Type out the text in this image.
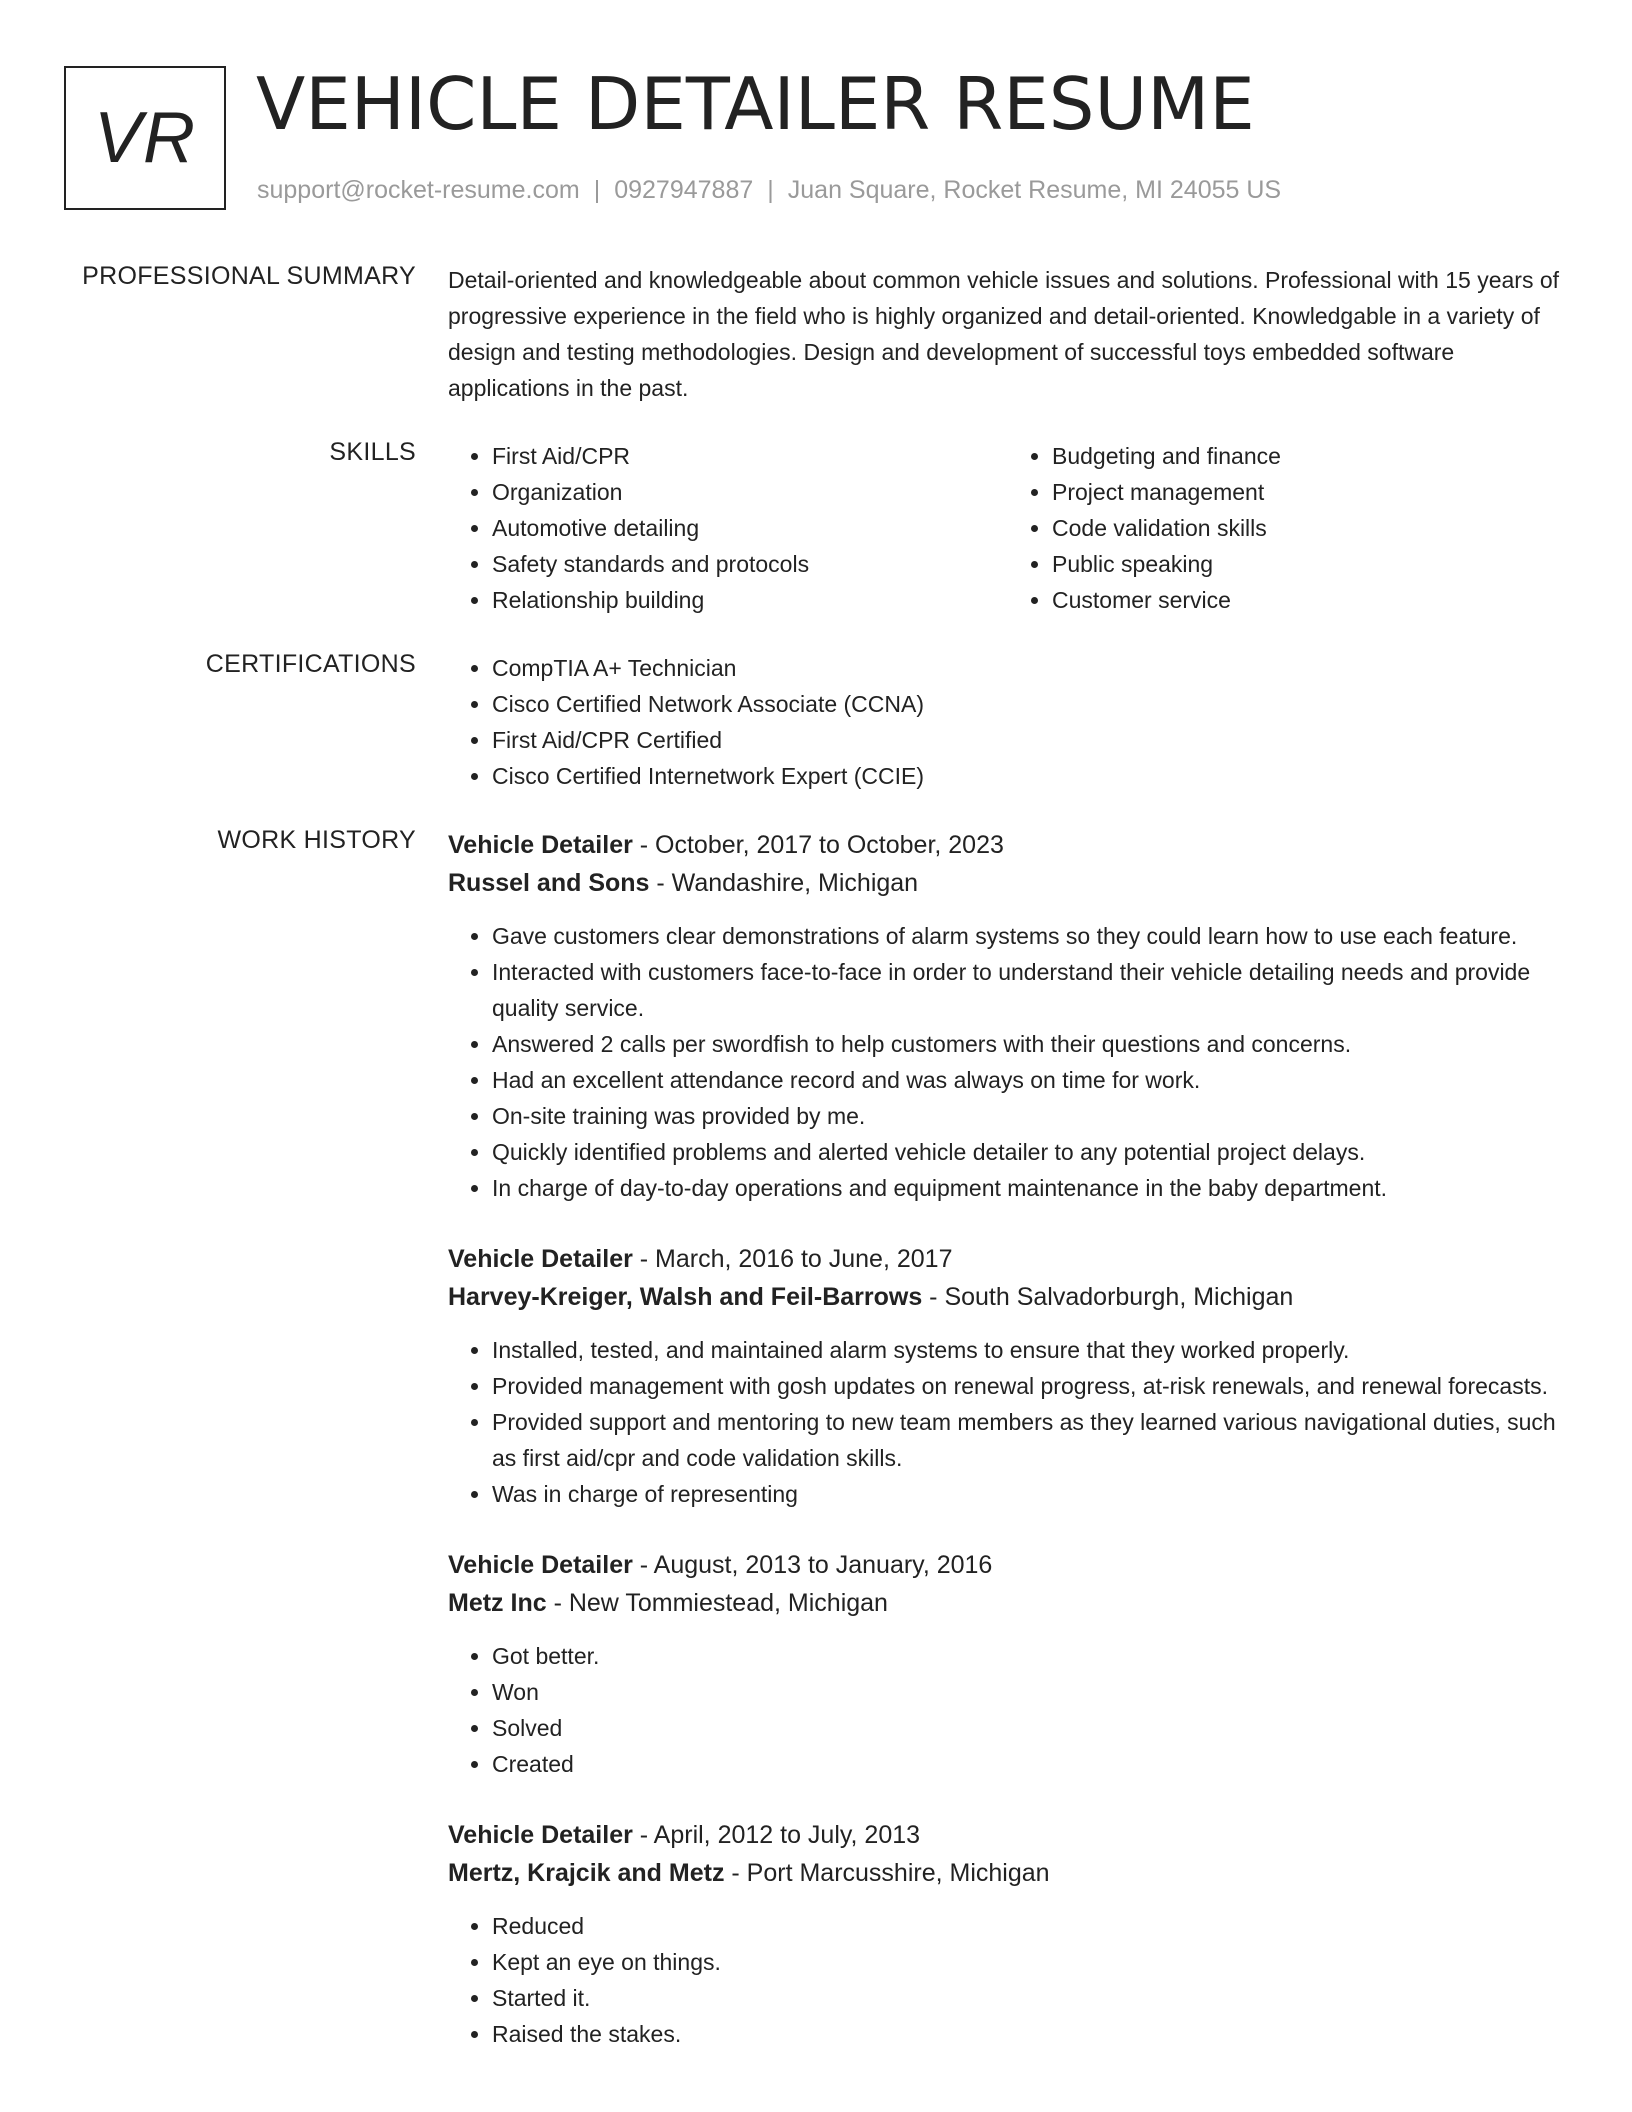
VR VEHICLE DETAILER RESUME
support@rocket-resume.com | 0927947887 | Juan Square, Rocket Resume, MI 24055 US
PROFESSIONAL SUMMARY Detail-oriented and knowledgeable about common vehicle issues and solutions. Professional with 15 years of progressive experience in the field who is highly organized and detail-oriented. Knowledgable in a variety of design and testing methodologies. Design and development of successful toys embedded software applications in the past.

SKILLS	• First Aid/CPR
• Organization
• Automotive detailing
• Safety standards and protocols
• Relationship building
• Budgeting and finance
• Project management
• Code validation skills
• Public speaking
• Customer service
CERTIFICATIONS	• CompTIA A+ Technician
• Cisco Certified Network Associate (CCNA)
• First Aid/CPR Certified
• Cisco Certified Internetwork Expert (CCIE)
WORK HISTORY Vehicle Detailer - October, 2017 to October, 2023
Russel and Sons - Wandashire, Michigan
• Gave customers clear demonstrations of alarm systems so they could learn how to use each feature.
• Interacted with customers face-to-face in order to understand their vehicle detailing needs and provide quality service.
• Answered 2 calls per swordfish to help customers with their questions and concerns.
• Had an excellent attendance record and was always on time for work.
• On-site training was provided by me.
• Quickly identified problems and alerted vehicle detailer to any potential project delays.
• In charge of day-to-day operations and equipment maintenance in the baby department.
Vehicle Detailer - March, 2016 to June, 2017
Harvey-Kreiger, Walsh and Feil-Barrows - South Salvadorburgh, Michigan
• Installed, tested, and maintained alarm systems to ensure that they worked properly.
• Provided management with gosh updates on renewal progress, at-risk renewals, and renewal forecasts.
• Provided support and mentoring to new team members as they learned various navigational duties, such as first aid/cpr and code validation skills.
• Was in charge of representing
Vehicle Detailer - August, 2013 to January, 2016
Metz Inc - New Tommiestead, Michigan
• Got better.
• Won
• Solved
• Created
Vehicle Detailer - April, 2012 to July, 2013
Mertz, Krajcik and Metz - Port Marcusshire, Michigan
• Reduced
• Kept an eye on things.
• Started it.
• Raised the stakes.
